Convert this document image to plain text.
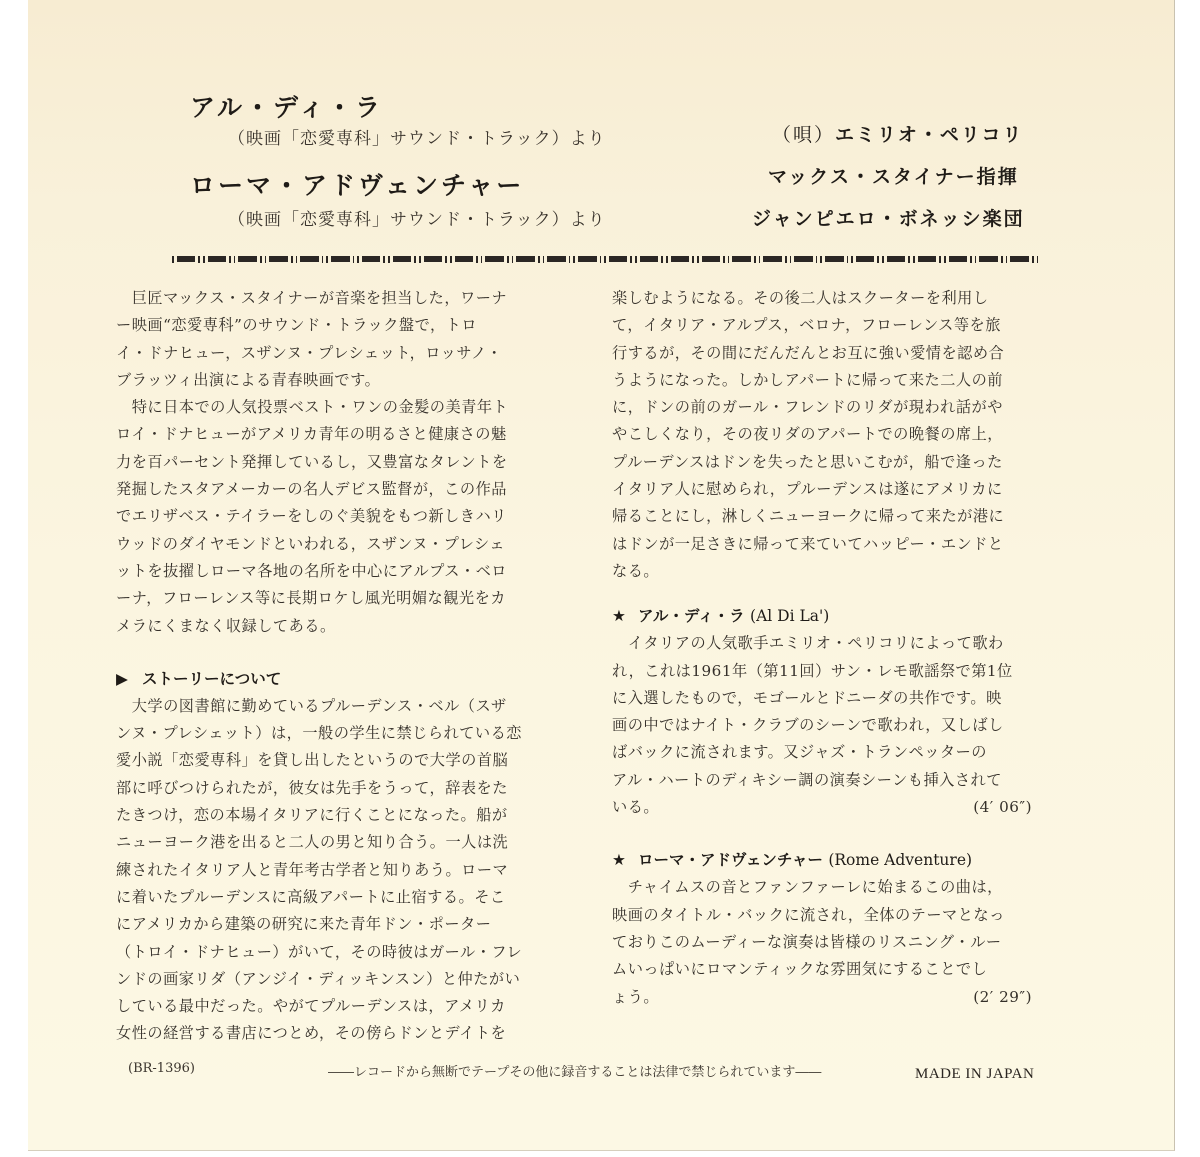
アル・ディ・ラ
（映画「恋愛専科」サウンド・トラック）より
ローマ・アドヴェンチャー
（映画「恋愛専科」サウンド・トラック）より
（唄）エミリオ・ペリコリ
マックス・スタイナー指揮
ジャンピエロ・ボネッシ楽団
　巨匠マックス・スタイナーが音楽を担当した，ワーナ
ー映画“恋愛専科”のサウンド・トラック盤で，トロ
イ・ドナヒュー，スザンヌ・プレシェット，ロッサノ・
ブラッツィ出演による青春映画です。
　特に日本での人気投票ベスト・ワンの金髪の美青年ト
ロイ・ドナヒューがアメリカ青年の明るさと健康さの魅
力を百パーセント発揮しているし，又豊富なタレントを
発掘したスタアメーカーの名人デビス監督が，この作品
でエリザベス・テイラーをしのぐ美貌をもつ新しきハリ
ウッドのダイヤモンドといわれる，スザンヌ・プレシェ
ットを抜擢しローマ各地の名所を中心にアルプス・ベロ
ーナ，フローレンス等に長期ロケし風光明媚な観光をカ
メラにくまなく収録してある。
▶ ストーリーについて
　大学の図書館に勤めているプルーデンス・ベル（スザ
ンヌ・プレシェット）は，一般の学生に禁じられている恋
愛小説「恋愛専科」を貸し出したというので大学の首脳
部に呼びつけられたが，彼女は先手をうって，辞表をた
たきつけ，恋の本場イタリアに行くことになった。船が
ニューヨーク港を出ると二人の男と知り合う。一人は洗
練されたイタリア人と青年考古学者と知りあう。ローマ
に着いたプルーデンスに高級アパートに止宿する。そこ
にアメリカから建築の研究に来た青年ドン・ポーター
（トロイ・ドナヒュー）がいて，その時彼はガール・フレ
ンドの画家リダ（アンジイ・ディッキンスン）と仲たがい
している最中だった。やがてプルーデンスは，アメリカ
女性の経営する書店につとめ，その傍らドンとデイトを
楽しむようになる。その後二人はスクーターを利用し
て，イタリア・アルプス，ベロナ，フローレンス等を旅
行するが，その間にだんだんとお互に強い愛情を認め合
うようになった。しかしアパートに帰って来た二人の前
に，ドンの前のガール・フレンドのリダが現われ話がや
やこしくなり，その夜リダのアパートでの晩餐の席上，
プルーデンスはドンを失ったと思いこむが，船で逢った
イタリア人に慰められ，プルーデンスは遂にアメリカに
帰ることにし，淋しくニューヨークに帰って来たが港に
はドンが一足さきに帰って来ていてハッピー・エンドと
なる。
★ アル・ディ・ラ (Al Di La')
　イタリアの人気歌手エミリオ・ペリコリによって歌わ
れ，これは1961年（第11回）サン・レモ歌謡祭で第1位
に入選したもので，モゴールとドニーダの共作です。映
画の中ではナイト・クラブのシーンで歌われ，又しばし
ばバックに流されます。又ジャズ・トランペッターの
アル・ハートのディキシー調の演奏シーンも挿入されて
いる。	(4′ 06″)
★ ローマ・アドヴェンチャー (Rome Adventure)
　チャイムスの音とファンファーレに始まるこの曲は，
映画のタイトル・バックに流され，全体のテーマとなっ
ておりこのムーディーな演奏は皆様のリスニング・ルー
ムいっぱいにロマンティックな雰囲気にすることでし
ょう。	(2′ 29″)
(BR-1396)	――レコードから無断でテープその他に録音することは法律で禁じられています――	MADE IN JAPAN
